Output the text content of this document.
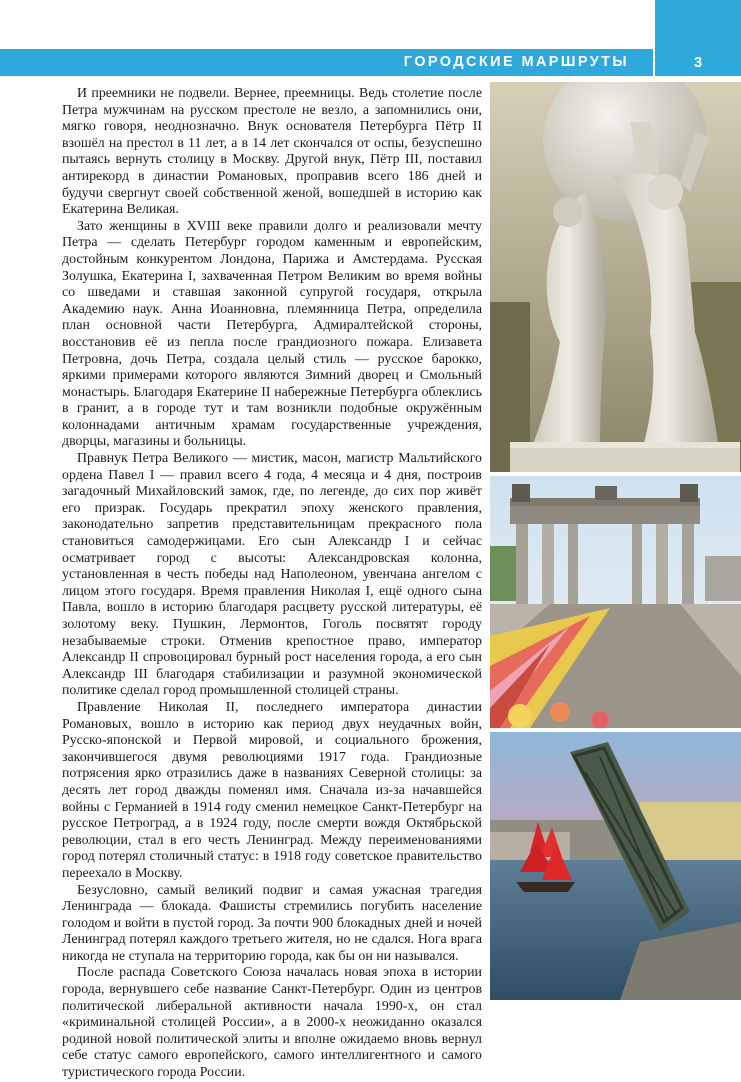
ГОРОДСКИЕ МАРШРУТЫ	3

И преемники не подвели. Вернее, преемницы. Ведь столетие после Петра мужчинам на русском престоле не везло, а запомнились они, мягко говоря, неоднозначно. Внук основателя Петербурга Пётр II взошёл на престол в 11 лет, а в 14 лет скончался от оспы, безуспешно пытаясь вернуть столицу в Москву. Другой внук, Пётр III, поставил антирекорд в династии Романовых, проправив всего 186 дней и будучи свергнут своей собственной женой, вошедшей в историю как Екатерина Великая.

Зато женщины в XVIII веке правили долго и реализовали мечту Петра — сделать Петербург городом каменным и европейским, достойным конкурентом Лондона, Парижа и Амстердама. Русская Золушка, Екатерина I, захваченная Петром Великим во время войны со шведами и ставшая законной супругой государя, открыла Академию наук. Анна Иоанновна, племянница Петра, определила план основной части Петербурга, Адмиралтейской стороны, восстановив её из пепла после грандиозного пожара. Елизавета Петровна, дочь Петра, создала целый стиль — русское барокко, яркими примерами которого являются Зимний дворец и Смольный монастырь. Благодаря Екатерине II набережные Петербурга облеклись в гранит, а в городе тут и там возникли подобные окружённым колоннадами античным храмам государственные учреждения, дворцы, магазины и больницы.

Правнук Петра Великого — мистик, масон, магистр Мальтийского ордена Павел I — правил всего 4 года, 4 месяца и 4 дня, построив загадочный Михайловский замок, где, по легенде, до сих пор живёт его призрак. Государь прекратил эпоху женского правления, законодательно запретив представительницам прекрасного пола становиться самодержицами. Его сын Александр I и сейчас осматривает город с высоты: Александровская колонна, установленная в честь победы над Наполеоном, увенчана ангелом с лицом этого государя. Время правления Николая I, ещё одного сына Павла, вошло в историю благодаря расцвету русской литературы, её золотому веку. Пушкин, Лермонтов, Гоголь посвятят городу незабываемые строки. Отменив крепостное право, император Александр II спровоцировал бурный рост населения города, а его сын Александр III благодаря стабилизации и разумной экономической политике сделал город промышленной столицей страны.

Правление Николая II, последнего императора династии Романовых, вошло в историю как период двух неудачных войн, Русско-японской и Первой мировой, и социального брожения, закончившегося двумя революциями 1917 года. Грандиозные потрясения ярко отразились даже в названиях Северной столицы: за десять лет город дважды поменял имя. Сначала из-за начавшейся войны с Германией в 1914 году сменил немецкое Санкт-Петербург на русское Петроград, а в 1924 году, после смерти вождя Октябрьской революции, стал в его честь Ленинград. Между переименованиями город потерял столичный статус: в 1918 году советское правительство переехало в Москву.

Безусловно, самый великий подвиг и самая ужасная трагедия Ленинграда — блокада. Фашисты стремились погубить население голодом и войти в пустой город. За почти 900 блокадных дней и ночей Ленинград потерял каждого третьего жителя, но не сдался. Нога врага никогда не ступала на территорию города, как бы он ни назывался.

После распада Советского Союза началась новая эпоха в истории города, вернувшего себе название Санкт-Петербург. Один из центров политической либеральной активности начала 1990-х, он стал «криминальной столицей России», а в 2000-х неожиданно оказался родиной новой политической элиты и вполне ожидаемо вновь вернул себе статус самого европейского, самого интеллигентного и самого туристического города России.
